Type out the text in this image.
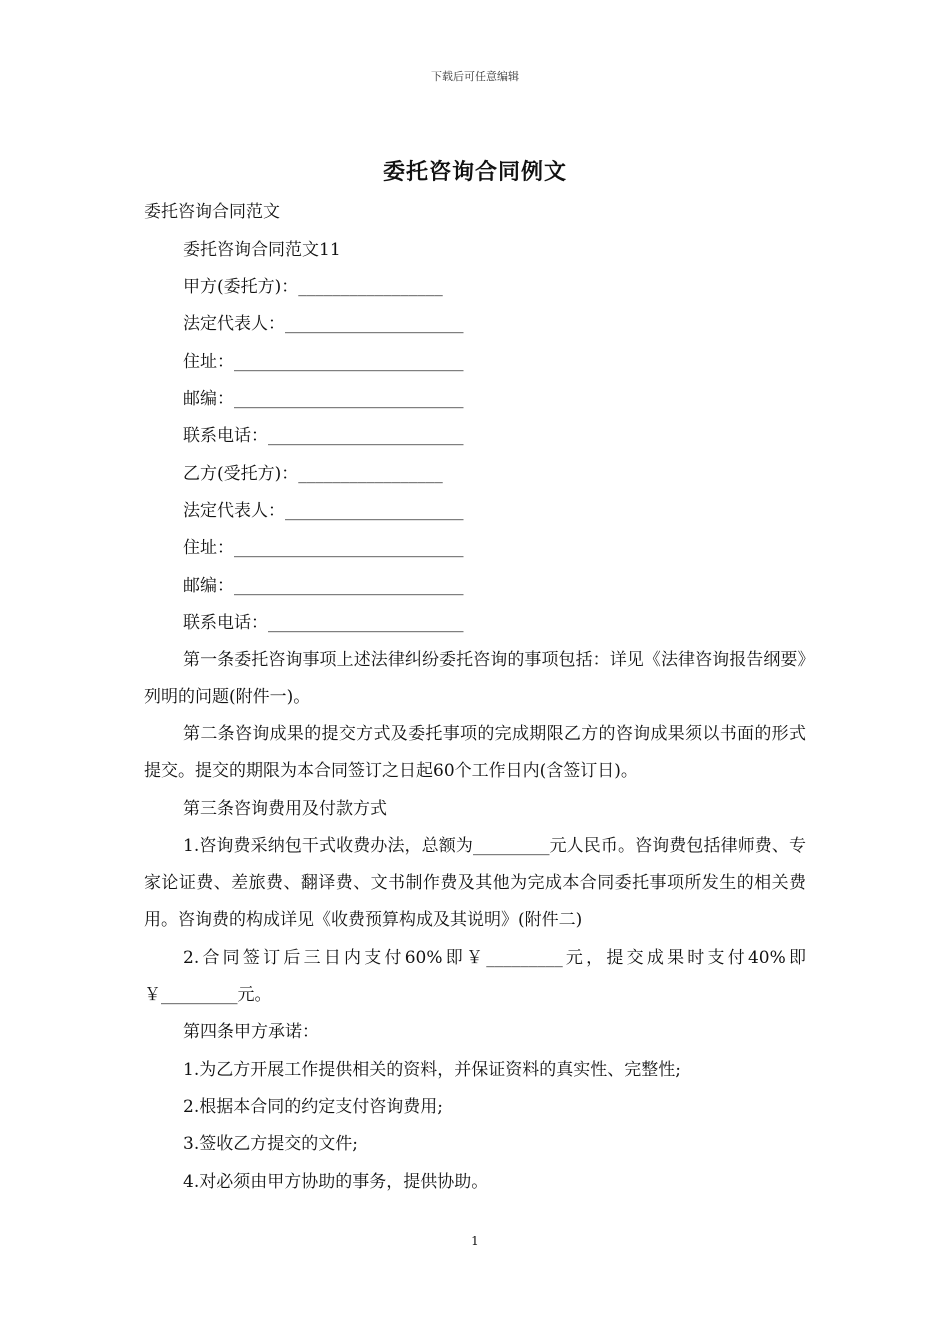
下载后可任意编辑
委托咨询合同例文
委托咨询合同范文
委托咨询合同范文11
甲方(委托方)：_________________
法定代表人：_____________________
住址：___________________________
邮编：___________________________
联系电话：_______________________
乙方(受托方)：_________________
法定代表人：_____________________
住址：___________________________
邮编：___________________________
联系电话：_______________________
第一条委托咨询事项上述法律纠纷委托咨询的事项包括：详见《法律咨询报告纲要》列明的问题(附件一)。
第二条咨询成果的提交方式及委托事项的完成期限乙方的咨询成果须以书面的形式提交。提交的期限为本合同签订之日起60个工作日内(含签订日)。
第三条咨询费用及付款方式
1.咨询费采纳包干式收费办法，总额为_________元人民币。咨询费包括律师费、专家论证费、差旅费、翻译费、文书制作费及其他为完成本合同委托事项所发生的相关费用。咨询费的构成详见《收费预算构成及其说明》(附件二)
2.合同签订后三日内支付60%即￥_________元，提交成果时支付40%即￥_________元。
第四条甲方承诺：
1.为乙方开展工作提供相关的资料，并保证资料的真实性、完整性;
2.根据本合同的约定支付咨询费用;
3.签收乙方提交的文件;
4.对必须由甲方协助的事务，提供协助。
1
